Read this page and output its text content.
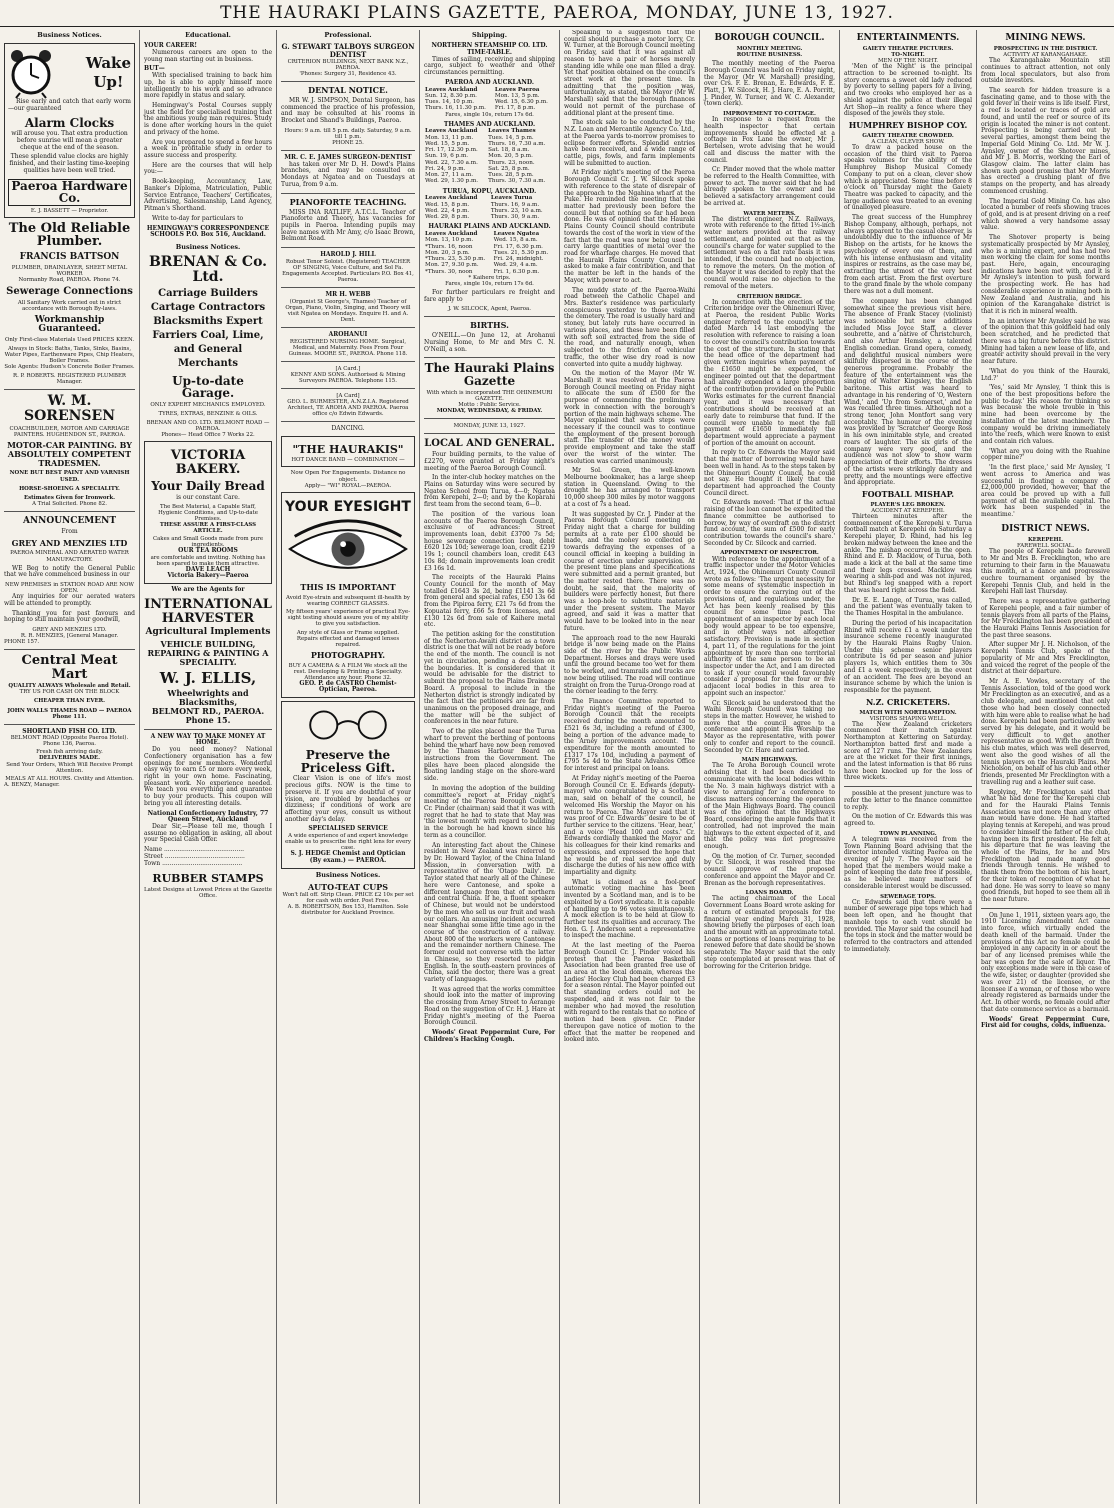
THE HAURAKI PLAINS GAZETTE, PAEROA, MONDAY, JUNE 13, 1927.
Business Notices.
Wake
Up!
Rise early and catch that early worm—our guaranteed
Alarm Clocks
will arouse you. That extra production before sunrise will mean a greater cheque at the end of the season.
These splendid value clocks are highly finished, and their lasting time-keeping qualities have been well tried.
Paeroa Hardware Co.
E. J. BASSETT — Proprietor.
The Old Reliable Plumber.
FRANCIS BATTSON
PLUMBER, DRAINLAYER, SHEET METAL WORKER
Normanby Road, PAEROA. Phone 74.
Sewerage Connections
All Sanitary Work carried out in strict accordance with Borough By-laws.
Workmanship Guaranteed.
Only First-class Materials Used PRICES KEEN.
Always in Stock: Baths, Tanks, Sinks, Basins, Water Pipes, Earthenware Pipes, Chip Heaters, Boiler Frames.
Sole Agents: Hudson's Concrete Boiler Frames.
R. P. ROBERTS. REGISTERED PLUMBER Manager.
W. M. SORENSEN
COACHBUILDER, MOTOR AND CARRIAGE PAINTERS. HUGHENDON ST., PAEROA.
MOTOR-CAR PAINTING. BY ABSOLUTELY COMPETENT TRADESMEN.
NONE BUT BEST PAINT AND VARNISH USED.
HORSE-SHOEING A SPECIALITY.
Estimates Given for Ironwork.
A Trial Solicited. Phone 82.
ANNOUNCEMENT
From
GREY AND MENZIES LTD
PAEROA MINERAL AND AERATED WATER MANUFACTORY.
WE Beg to notify the General Public that we have commenced business in our
NEW PREMISES in STATION ROAD ARE NOW OPEN.
Any inquiries for our aerated waters will be attended to promptly.
Thanking you for past favours and hoping to still maintain your goodwill,
GREY AND MENZIES LTD.
R. R. MENZIES, [General Manager.
PHONE 157.
Central Meat Mart
QUALITY ALWAYS Wholesale and Retail.
TRY US FOR CASH ON THE BLOCK
CHEAPER THAN EVER.
JOHN WALLS THAMES ROAD — PAEROA Phone 111.
SHORTLAND FISH CO. LTD.
BELMONT ROAD (Opposite Paeroa Hotel). Phone 136, Paeroa.
Fresh fish arriving daily.
DELIVERIES MADE.
Send Your Orders, Which Will Receive Prompt Attention.
MEALS AT ALL HOURS. Civility and Attention.
A. BENZY, Manager.
Educational.
YOUR CAREER!
Numerous careers are open to the young man starting out in business.
BUT—
With specialised training to back him up, he is able to apply himself more intelligently to his work and so advance more rapidly in status and salary.
Hemingway's Postal Courses supply just the field for specialised training that the ambitious young man requires. Study is done after working hours in the quiet and privacy of the home.
Are you prepared to spend a few hours a week in profitable study in order to assure success and prosperity.
Here are the courses that will help you:—
Book-keeping, Accountancy, Law, Banker's Diploma, Matriculation, Public Service Entrance, Teachers' Certificates, Advertising, Salesmanship, Land Agency, Pitman's Shorthand.
Write to-day for particulars to
HEMINGWAY'S CORRESPONDENCE SCHOOLS P.O. Box 516, Auckland.
Business Notices.
BRENAN & Co. Ltd.
Carriage Builders Cartage Contractors Blacksmiths Expert Farriers Coal, Lime, and General Merchants
Up-to-date Garage.
ONLY EXPERT MECHANICS EMPLOYED.
TYRES, EXTRAS, BENZINE & OILS.
BRENAN AND CO. LTD. BELMONT ROAD — PAEROA.
Phones— Head Office 7 Works 22.
VICTORIA BAKERY.
Your Daily Bread
is our constant Care.
The Best Material, a Capable Staff, Hygienic Conditions, and Up-to-date Premises.
THESE ASSURE A FIRST-CLASS ARTICLE.
Cakes and Small Goods made from pure ingredients.
OUR TEA ROOMS
are comfortable and inviting. Nothing has been spared to make them attractive.
DAVE LEACH
Victoria Bakery—Paeroa
We are the Agents for
INTERNATIONAL HARVESTER
Agricultural Implements
VEHICLE BUILDING, REPAIRING & PAINTING A SPECIALITY.
W. J. ELLIS,
Wheelwrights and Blacksmiths,
BELMONT RD., PAEROA. Phone 15.
A NEW WAY TO MAKE MONEY AT HOME.
Do you need money? National Confectionery organisation has a few openings for new members. Wonderful easy way to earn £5 or more every week, right in your own home. Fascinating, pleasant work. No experience needed. We teach you everything and guarantee to buy your products. This coupon will bring you all interesting details.
National Confectionery Industry, 77 Queen Street, Auckland
Dear Sir,—Please tell me, though I assume no obligation in asking, all about your Special Cash Offer.
Name ..........................................
Street ..........................................
Town ..........................................
RUBBER STAMPS
Latest Designs at Lowest Prices at the Gazette Office.
Professional.
G. STEWART TALBOYS SURGEON DENTIST
CRITERION BUILDINGS, NEXT BANK N.Z., PAEROA.
'Phones: Surgery 31, Residence 43.
DENTAL NOTICE.
MR W. J. SIMPSON, Dental Surgeon, has commenced the practice of his profession, and may be consulted at his rooms in Brocket and Shand's Buildings, Paeroa.
Hours: 9 a.m. till 5 p.m. daily. Saturday, 9 a.m. till 1 p.m.
PHONE 25.
MR. C. E. JAMES SURGEON-DENTIST
has taken over Mr D. H. Dowd's Plains branches, and may be consulted on Mondays at Ngatea and on Tuesdays at Turua, from 9 a.m.
PIANOFORTE TEACHING.
MISS INA RATLIFF, A.T.C.L. Teacher of Pianoforte and Theory, has vacancies for pupils in Paeroa. Intending pupils may leave names with Mr Amy, c/o Isaac Brown, Belmont Road.
HAROLD J. HILL
Robust Tenor Soloist. (Registered) TEACHER OF SINGING, Voice Culture, and Sol Fa. Engagements Accepted. Particulars P.O. Box 41, Paeroa.
MR H. WEBB
(Organist St George's, Thames) Teacher of Organ, Piano, Violin, Singing, and Theory will visit Ngatea on Mondays. Enquire H. and A. Dent.
AROHANUI
REGISTERED NURSING HOME. Surgical, Medical, and Maternity. Fees From Four Guineas. MOORE ST., PAEROA. Phone 118.
[A Card.]
KENNY AND SONS. Authorised & Mining Surveyors PAEROA. Telephone 115.
[A Card]
GEO. L. BURMESTER, A.N.Z.I.A. Registered Architect, TE AROHA AND PAEROA. Paeroa office c/o Edwin Edwards.
DANCING.
"THE HAURAKIS"
HOT DANCE BAND — COMBINATION —
Now Open For Engagements. Distance no object.
Apply— "WI" ROYAL—PAEROA.
YOUR EYESIGHT
THIS IS IMPORTANT
Avoid Eye-strain and subsequent ill-health by wearing CORRECT GLASSES.
My fifteen years' experience of practical Eye-sight testing should assure you of my ability to give you satisfaction.
Any style of Glass or Frame supplied.
Repairs effected and damaged lenses repaired.
PHOTOGRAPHY.
BUY A CAMERA & A FILM We stock all the rest. Developing & Printing a Specialty. Attendance any hour. Phone 32.
GEO. P. de CASTRO Chemist-Optician, Paeroa.
Preserve the Priceless Gift.
Clear Vision is one of life's most precious gifts. NOW is the time to preserve it. If you are doubtful of your vision, are troubled by headaches or dizziness; if conditions of work are affecting your eyes, consult us without another day's delay.
SPECIALISED SERVICE
A wide experience of and expert knowledge enable us to prescribe the right lens for every case.
S. J. HEDGE Chemist and Optician (By exam.) — PAEROA.
Business Notices.
AUTO-TEAT CUPS
Won't fall off. Strip Clean. PRICE £2 10s per set for cash with order. Post Free.
A. B. ROBERTSON, Box 153, Hamilton. Sole distributor for Auckland Province.
Shipping.
NORTHERN STEAMSHIP CO. LTD.
TIME-TABLE.
Times of sailing, receiving and shipping cargo, subject to weather and other circumstances permitting.
PAEROA AND AUCKLAND.
Leaves Auckland	Leaves Paeroa
Sun. 12, 8.30 p.m.	Mon. 13, 5 p.m.
Tues. 14, 10 p.m.	Wed. 15, 6.30 p.m.
Thurs. 16, 11.30 p.m.	Fri. 17, 8 p.m.
Fares, single 10s, return 17s 6d.
THAMES AND AUCKLAND.
Leaves Auckland	Leaves Thames
Mon. 13, 11 p.m.	Tues. 14, 5 p.m.
Wed. 15, 5 p.m.	Thurs. 16, 7.30 a.m.
Fri. 17, 12.30 p.m.	Sat. 18, 8 a.m.
Sun. 19, 6 p.m.	Mon. 20, 5 p.m.
Wed. 22, 7.30 a.m.	Thurs. 23, noon.
Fri. 24, 9 p.m.	Sat. 25, 8 p.m.
Mon. 27, 11 a.m.	Tues. 28, 5 p.m.
Wed. 29, 1.30 p.m.	Thurs. 30, 7.30 a.m.
TURUA, KOPU, AUCKLAND.
Leaves Auckland	Leaves Turua
Wed. 15, 8 p.m.	Thurs. 16, 9 a.m.
Wed. 22, 4 p.m.	Thurs. 23, 10 a.m.
Wed. 29, 8 p.m.	Thurs. 30, 9 a.m.
HAURAKI PLAINS AND AUCKLAND.
Leaves Auckland	Leaves Ngatea
Mon. 13, 10 p.m.	Wed. 15, 8 a.m.
*Thurs. 16, noon	Fri. 17, 6.30 p.m.
Mon. 20, 3 p.m.	Tues. 21, 5.30 p.m.
*Thurs. 23, 5.30 p.m.	Fri. 24, midnight.
Mon. 27, 9.30 p.m.	Wed. 29, 4 a.m.
*Thurs. 30, noon	Fri. 1, 6.30 p.m.
* Kaihere trips.
Fares, single 10s, return 17s 6d.
For further particulars re freight and fare apply to
J. W. SILCOCK, Agent, Paeroa.
BIRTHS.
O'NEILL.—On June 12, at Arohanui Nursing Home, to Mr and Mrs C. N. O'Neill, a son.
The Hauraki Plains Gazette
With which is incorporated THE OHINEMURI GAZETTE.
Motto : Public Service.
MONDAY, WEDNESDAY, & FRIDAY.
MONDAY, JUNE 13, 1927.
LOCAL AND GENERAL.
Four building permits, to the value of £2270, were granted at Friday night's meeting of the Paeroa Borough Council.
In the inter-club hockey matches on the Plains on Saturday wins were secured by Ngatea School from Turua, 4—0; Ngatea from Kerepehi, 2—0; and by the Koparahi first team from the second team, 6—0.
The position of the various loan accounts of the Paeroa Borough Council, exclusive of advances: Street improvements loan, debit £3700 7s 5d; house sewerage connection loan, debit £620 12s 10d; sewerage loan, credit £219 19s 1; council chambers loan, credit £43 10s 8d; domain improvements loan credit £3 16s 1d.
The receipts of the Hauraki Plains County Council for the month of May totalled £1643 3s 2d, being £1141 3s 6d from general and special rates, £50 13s 6d from the Pipiroa ferry, £21 7s 6d from the Kopuatai ferry, £66 5s from licenses, and £130 12s 6d from sale of Kaihere metal etc.
The petition asking for the constitution of the Netherton-Awaiti district as a town district is one that will not be ready before the end of the month. The council is not yet in circulation, pending a decision on the boundaries. It is considered that it would be advisable for the district to submit the proposal to the Plains Drainage Board. A proposal to include in the Netherton district is strongly indicated by the fact that the petitioners are far from unanimous on the proposed drainage, and the matter will be the subject of conferences in the near future.
Two of the piles placed near the Turua wharf to prevent the berthing of pontoons behind the wharf have now been removed by the Thames Harbour Board on instructions from the Government. The piles have been placed alongside the floating landing stage on the shore-ward side.
In moving the adoption of the building committee's report at Friday night's meeting of the Paeroa Borough Council, Cr. Pinder (chairman) said that it was with regret that he had to state that May was 'the lowest month' with regard to building in the borough he had known since his term as a councillor.
An interesting fact about the Chinese resident in New Zealand was referred to by Dr. Howard Taylor, of the China Inland Mission, in conversation with a representative of the 'Otago Daily'. Dr. Taylor stated that nearly all of the Chinese here were Cantonese, and spoke a different language from that of northern and central China. If he, a fluent speaker of Chinese, but would not be understood by the men who sell us our fruit and wash our collars. An amusing incident occurred near Shanghai some little time ago in the course of the construction of a railway. About 800 of the workers were Cantonese and the remainder northern Chinese. The former could not converse with the latter in Chinese, so they resorted to pidgin English. In the south-eastern provinces of China, said the doctor, there was a great variety of languages.
It was agreed that the works committee should look into the matter of improving the crossing from Arney Street to Aerange Road on the suggestion of Cr. H. J. Hare at Friday night's meeting of the Paeroa Borough Council.
Woods' Great Peppermint Cure, For Children's Hacking Cough.
Speaking to a suggestion that the council should purchase a motor lorry, Cr. W. Turner, at the Borough Council meeting on Friday, said that it was against all reason to have a pair of horses merely standing idle while one man filled a dray. Yet that position obtained on the council's street work at the present time. In admitting that the position was, unfortunately, as stated, the Mayor (Mr W. Marshall) said that the borough finances would not permit of the purchase of additional plant at the present time.
The stock sale to be conducted by the N.Z. Loan and Mercantile Agency Co. Ltd., at the Paeroa yards to-morrow promises to eclipse former efforts. Splendid entries have been received, and a wide range of cattle, pigs, fowls, and farm implements will be submitted to auction.
At Friday night's meeting of the Paeroa Borough Council Cr. J. W. Silcock spoke with reference to the state of disrepair of the approach to the Ngahina wharf at the Puke. He reminded the meeting that the matter had previously been before the council but that nothing so far had been done. He was of opinion that the Hauraki Plains County Council should contribute towards the cost of the work in view of the fact that the road was now being used to carry large quantities of metal over the road for wharfage charges. He moved that the Hauraki Plains County Council be asked to make a fair contribution, and that the matter be left in the hands of the Mayor, with power to act.
The muddy state of the Paeroa-Waihi road between the Catholic Chapel and Mrs. Baxter's residence was particularly conspicuous yesterday to those visiting the cemetery. The road is usually hard and stoney, but lately ruts have occurred in various places, and these have been filled with soft soil extracted from the side of the road, and naturally enough, when subjected to the friction of vehicular traffic, the other wise dry road is now converted into quite a muddy highway.
On the motion of the Mayor (Mr W. Marshall) it was resolved at the Paeroa Borough Council meeting on Friday night to allocate the sum of £500 for the purpose of commencing the preliminary work in connection with the borough's portion of the main highways scheme. The Mayor explained that such steps were necessary if the council was to continue the employment of the present borough staff. The transfer of the money would provide employment and take the staff over the worst of the winter. The resolution was carried unanimously.
Mr Sol. Green, the well-known Melbourne bookmaker, has a large sheep station in Queensland. Owing to the drought he has arranged to transport 10,000 sheep 300 miles by motor waggons at a cost of 7s a head.
It was suggested by Cr. J. Pinder at the Paeroa Borough Council meeting on Friday night that a charge for building permits at a rate per £100 should be made, and the money so collected go towards defraying the expenses of a council official in keeping a building in course of erection under supervision. At the present time plans and specifications were submitted and a permit granted, but the matter rested there. There was no doubt, he said, that the majority of builders were perfectly honest, but there was a loop-hole to substitute materials under the present system. The Mayor agreed, and said it was a matter that would have to be looked into in the near future.
The approach road to the new Hauraki bridge is now being made on the Plains side of the river by the Public Works Department. Horses and drays were used until the ground became too wet for them to be worked, and tramrails and trucks are now being utilised. The road will continue straight on from the Turua-Orongo road at the corner leading to the ferry.
The Finance Committee reported to Friday night's meeting of the Paeroa Borough Council that the receipts received during the month amounted to £521 6s 3d, including a refund of £300, being a portion of the advance made to the Arney improvements account. The expenditure for the month amounted to £1317 17s 10d, including a payment of £795 5s 4d to the State Advances Office for interest and principal on loans.
At Friday night's meeting of the Paeroa Borough Council Cr. E. Edwards (deputy-mayor) who congratulated by a Scotland man, said on behalf of the council, he welcomed His Worship the Mayor on his return to Paeroa. The Mayor said that it was proof of Cr. Edwards' desire to be of further service to the citizens. 'Hear, hear,' and a voice 'Plead 100 and costs.' Cr. Edwards cordially thanked the Mayor and his colleagues for their kind remarks and expressions, and expressed the hope that he would be of real service and duly discharge the duties of his new office with impartiality and dignity.
What is claimed as a fool-proof automatic voting machine has been invented by a Scotland man, and is to be exploited by a Govt syndicate. It is capable of handling up to 96 votes simultaneously. A mock election is to be held at Glow to further test its qualities and accuracy. The Hon. G. J. Anderson sent a representative to inspect the machine.
At the last meeting of the Paeroa Borough Council Cr. J. Pinder voiced his protest that the Paeroa Basketball Association had been granted free use of an area at the local domain, whereas the Ladies' Hockey Club had been charged £3 for a season rental. The Mayor pointed out that standing orders could not be suspended, and it was not fair to the member who had moved the resolution with regard to the rentals that no notice of motion had been given. Cr. Pinder thereupon gave notice of motion to the effect that the matter be reopened and looked into.
BOROUGH COUNCIL.
MONTHLY MEETING.
ROUTINE BUSINESS.
The monthly meeting of the Paeroa Borough Council was held on Friday night, the Mayor (Mr W. Marshall) presiding, over Crs. F. E. Brenan, E. Edwards, F. E. Platt, J. W. Silcock, H. J. Hare, E. A. Porritt, J. Pinder, W. Turner, and W. C. Alexander (town clerk).
IMPROVEMENT TO COTTAGE.
In response to a request from the health inspector that certain improvements should be effected at a cottage in Fox Lane the owner, Mr J. Bertelsen, wrote advising that he would call and discuss the matter with the council.
Cr. Pinder moved that the whole matter be referred to the Health Committee, with power to act. The mover said that he had already spoken to the owner and he believed a satisfactory arrangement could be arrived at.
WATER METERS.
The district engineer, N.Z. Railways, wrote with reference to the fitted 1½-inch water meters provided at the railway settlement, and pointed out that as the council's charge for water supplied to the settlement was on a flat rate basis it was intended, if the council had no objection, to remove the meters. On the motion of the Mayor it was decided to reply that the council would raise no objection to the removal of the meters.
CRITERION BRIDGE.
In connection with the erection of the Criterion bridge over the Ohinemuri River, at Paeroa, the resident Public Works engineer referred to the council's letter dated March 14 last embodying the resolution with reference to raising a loan to cover the council's contribution towards the cost of the structure. In stating that the head office of the department had given written inquiries when payment of the £1650 might be expected, the engineer pointed out that the department had already expended a large proportion of the contribution provided on the Public Works estimates for the current financial year, and it was necessary that contributions should be received at an early date to reimburse that fund. If the council were unable to meet the full payment of £1650 immediately the department would appreciate a payment of portion of the amount on account.
In reply to Cr. Edwards the Mayor said that the matter of borrowing would have been well in hand. As to the steps taken by the Ohinemuri County Council, he could not say. He thought it likely that the department had approached the County Council direct.
Cr. Edwards moved: 'That if the actual raising of the loan cannot be expedited the finance committee be authorised to borrow, by way of overdraft on the district fund account, the sum of £500 for early contribution towards the council's share.' Seconded by Cr. Silcock and carried.
APPOINTMENT OF INSPECTOR.
With reference to the appointment of a traffic inspector under the Motor Vehicles Act, 1924, the Ohinemuri County Council wrote as follows: 'The urgent necessity for some means of systematic inspection in order to ensure the carrying out of the provisions of, and regulations under, the Act has been keenly realised by this council for some time past. The appointment of an inspector by each local body would appear to be too expensive, and in other ways not altogether satisfactory. Provision is made in section 4, part 11, of the regulations for the joint appointment by more than one territorial authority of the same person to be an inspector under the Act, and I am directed to ask if your council would favourably consider a proposal for the four or five adjacent local bodies in this area to appoint such an inspector.'
Cr. Silcock said he understood that the Waihi Borough Council was taking no steps in the matter. However, he wished to move that the council agree to a conference and appoint His Worship the Mayor as the representative, with power only to confer and report to the council. Seconded by Cr. Hare and carried.
MAIN HIGHWAYS.
The Te Aroha Borough Council wrote advising that it had been decided to communicate with the local bodies within the No. 3 main highways district with a view to arranging for a conference to discuss matters concerning the operation of the Main Highways Board. The council was of the opinion that the Highways Board, considering the ample funds that it controlled, had not improved the main highways to the extent expected of it, and that the policy was not progressive enough.
On the motion of Cr. Turner, seconded by Cr. Silcock, it was resolved that the council approve of the proposed conference and appoint the Mayor and Cr. Brenan as the borough representatives.
LOANS BOARD.
The acting chairman of the Local Government Loans Board wrote asking for a return of estimated proposals for the financial year ending March 31, 1928, showing briefly the purposes of each loan and the amount with an approximate total. Loans or portions of loans requiring to be renewed before that date should be shown separately. The Mayor said that the only step contemplated at present was that of borrowing for the Criterion bridge.
ENTERTAINMENTS.
GAIETY THEATRE PICTURES.
TO-NIGHT.
MEN OF THE NIGHT.
'Men of the Night' is the principal attraction to be screened to-night. Its story concerns a sweet old lady reduced by poverty to selling papers for a living, and two crooks who employed her as a shield against the police at their illegal Art Shop—in reality a fence where they disposed of the jewels they stole.
HUMPHREY BISHOP COY.
GAIETY THEATRE CROWDED.
A CLEAN, CLEVER SHOW.
To draw a packed house on the occasion of the third visit to Paeroa speaks volumes for the ability of the Humphrey Bishop Musical Comedy Company to put on a clean, clever show which is appreciated. Some time before 8 o'clock on Thursday night the Gaiety Theatre was packed to capacity, and the large audience was treated to an evening of unalloyed pleasure.
The great success of the Humphrey Bishop Company, although, perhaps, not always apparent to the casual observer, is undoubtedly due to the influence of Mr Bishop on the artists, for he knows the psychology of every one of them, and with his intense enthusiasm and vitality inspires or restrains, as the case may be, extracting the utmost of the very best from each artist. From the first overture to the grand finale by the whole company there was not a dull moment.
The company has been changed somewhat since the previous visit here. The absence of Frank Stacey (violinist) was noticeable but new additions included Miss Joyce Staff, a clever soubrette, and a native of Christchurch, and also Arthur Hemsley, a talented English comedian. Grand opera, comedy, and delightful musical numbers were skilfully dispersed in the course of the generous programme. Probably the feature of the entertainment was the singing of Walter Kingsley, the English baritone. This artist was heard to advantage in his rendering of 'O, Western Wind,' and 'Up from Somerset,' and he was recalled three times. Although not a strong tenor, John Montfort sang very acceptably. The humour of the evening was provided by 'Scratcher' George Ross in his own inimitable style, and created roars of laughter. The six girls of the company were very good, and the audience was not slow to show warm appreciation of their efforts. The dresses of the artists were strikingly dainty and pretty, and the mountings were effective and appropriate.
FOOTBALL MISHAP.
PLAYER'S LEG BROKEN.
ACCIDENT AT KEREPEHI.
Thirteen minutes after the commencement of the Kerepehi v. Turua football match at Kerepehi on Saturday a Kerepehi player, D. Rhind, had his leg broken midway between the knee and the ankle. The mishap occurred in the open. Rhind and E. D. Macklow, of Turua, both made a kick at the ball at the same time and their legs crossed. Macklow was wearing a shin-pad and was not injured, but Rhind's leg snapped with a report that was heard right across the field.
Dr. E. E. Lange, of Turua, was called, and the patient was eventually taken to the Thames Hospital in the ambulance.
During the period of his incapacitation Rhind will receive £1 a week under the insurance scheme recently inaugurated by the Hauraki Plains Rugby Union. Under this scheme senior players contribute 1s 6d per season and junior players 1s, which entitles them to 30s and £1 a week respectively, in the event of an accident. The fees are beyond an insurance scheme by which the union is responsible for the payment.
N.Z. CRICKETERS.
MATCH WITH NORTHAMPTON.
VISITORS SHAPING WELL.
The New Zealand cricketers commenced their match against Northampton at Kettering on Saturday. Northampton batted first and made a score of 127 runs. The New Zealanders are at the wicket for their first innings, and the latest information is that 86 runs have been knocked up for the loss of three wickets.
possible at the present juncture was to refer the letter to the finance committee to reply.
On the motion of Cr. Edwards this was agreed to.
TOWN PLANNING.
A telegram was received from the Town Planning Board advising that the director intended visiting Paeroa on the evening of July 7. The Mayor said he hoped that the members would make a point of keeping the date free if possible, as he believed many matters of considerable interest would be discussed.
SEWERAGE TOPS.
Cr. Edwards said that there were a number of sewerage pipe tops which had been left open, and he thought that manhole tops to each vent should be provided. The Mayor said the council had the tops in stock and the matter would be referred to the contractors and attended to immediately.
MINING NEWS.
PROSPECTING IN THE DISTRICT.
ACTIVITY AT KARANGAHAKE.
The Karangahake Mountain still continues to attract attention, not only from local speculators, but also from outside investors.
The search for hidden treasure is a fascinating game, and to those with the gold fever in their veins is life itself. First, a reef is located or traces of gold are found, and until the reef or source of its origin is located the miner is not content. Prospecting is being carried out by several parties, amongst them being the Imperial Gold Mining Co. Ltd. Mr W. J. Aynsley, owner of the Shotover mines, and Mr J. B. Morris, working the Earl of Glasgow claim. The latter claim has shown such good promise that Mr Morris has erected a crushing plant of five stamps on the property, and has already commenced crushing.
The Imperial Gold Mining Co. has also located a number of reefs showing traces of gold, and is at present driving on a reef which showed a very handsome assay value.
The Shotover property is being systematically prospected by Mr Aynsley, who is a mining expert, and has had two men working the claim for some months past. Here, again, encouraging indications have been met with, and it is Mr Aynsley's intention to push forward the prospecting work. He has had considerable experience in mining both in New Zealand and Australia, and his opinion of the Karangahake district is that it is rich in mineral wealth.
In an interview Mr Aynsley said he was of the opinion that this goldfield had only been scratched, and he predicted that there was a big future before this district. Mining had taken a new lease of life, and greater activity should prevail in the very near future.
'What do you think of the Hauraki, Ltd.?'
'Yes,' said Mr Aynsley, 'I think this is one of the best propositions before the public to-day.' His reason for thinking so was because the whole trouble in this mine had been overcome by the installation of the latest machinery. The company would be driving immediately into the reefs, which were known to exist and contain rich values.
'What are you doing with the Ruahine copper mine?'
'In the first place,' said Mr Aynsley, 'I went across to America and was successful in floating a company of £2,000,000 provided, however, that the area could be proved up with a full payment of all the available capital. The work has been suspended in the meantime.'
DISTRICT NEWS.
KEREPEHI.
FAREWELL SOCIAL.
The people of Kerepehi bade farewell to Mr and Mrs B. Frecklington, who are returning to their farm in the Mauawatu this month, at a dance and progressive euchre tournament organised by the Kerepehi Tennis Club, and held in the Kerepehi Hall last Thursday.
There was a representative gathering of Kerepehi people, and a fair number of tennis players from all parts of the Plains, for Mr Frecklington has been president of the Hauraki Plains Tennis Association for the past three seasons.
After supper Mr J. H. Nicholson, of the Kerepehi Tennis Club, spoke of the popularity of Mr and Mrs Frecklington, and voiced the regret of the people of the district at their departure.
Mr A. E. Vowles, secretary of the Tennis Association, told of the good work Mr Frecklington as an executive, and as a club delegate, and mentioned that only those who had been closely connected with him were able to realise what he had done. Kerepehi had been particularly well served by his delegate, and it would be very difficult to get another representative as good. With the gift from his club mates, which was well deserved, went also the good wishes of all the tennis players on the Hauraki Plains. Mr Nicholson, on behalf of his club and other friends, presented Mr Frecklington with a travelling rug and a leather suit case.
Replying, Mr Frecklington said that what he had done for the Kerepehi club and for the Hauraki Plains Tennis Association was not more than any other man would have done. He had started playing tennis at Kerepehi, and was proud to consider himself the father of the club, having been its first president. He felt at his departure that he was leaving the whole of the Plains, for he and Mrs Frecklington had made many good friends through tennis. He wished to thank them from the bottom of his heart, for their token of recognition of what he had done. He was sorry to leave so many good friends, but hoped to see them all in the near future.
On June 1, 1911, sixteen years ago, the 1910 Licensing Amendment Act came into force, which virtually ended the death knell of the barmaid. Under the provisions of this Act no female could be employed in any capacity in or about the bar of any licensed premises while the bar was open for the sale of liquor. The only exceptions made were in the case of the wife, sister, or daughter (provided she was over 21) of the licensee, or the licensee if a woman, or of those who were already registered as barmaids under the Act. In other words, no female could after that date commence service as a barmaid.
Woods' Great Peppermint Cure, First aid for coughs, colds, influenza.
